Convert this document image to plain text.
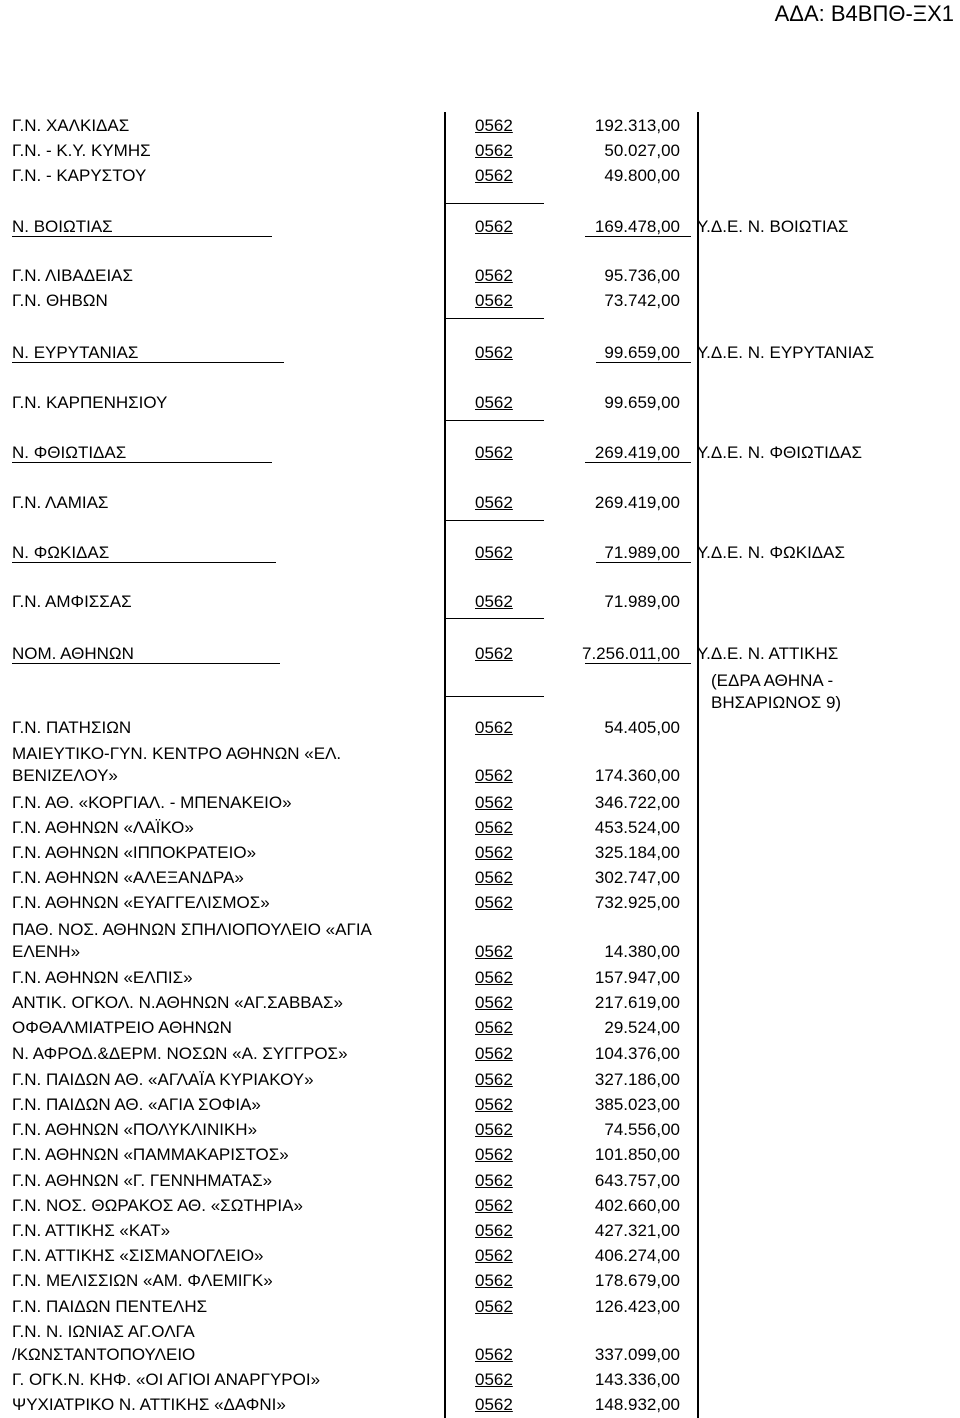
ΑΔΑ: Β4ΒΠΘ-ΞΧ1
Γ.Ν. ΧΑΛΚΙΔΑΣ	0562	192.313,00
Γ.Ν. - Κ.Υ. ΚΥΜΗΣ	0562	50.027,00
Γ.Ν. - ΚΑΡΥΣΤΟΥ	0562	49.800,00
Ν. ΒΟΙΩΤΙΑΣ	0562	169.478,00 Υ.Δ.Ε. Ν. ΒΟΙΩΤΙΑΣ
Γ.Ν. ΛΙΒΑΔΕΙΑΣ	0562	95.736,00
Γ.Ν. ΘΗΒΩΝ	0562	73.742,00
Ν. ΕΥΡΥΤΑΝΙΑΣ	0562	99.659,00 Υ.Δ.Ε. Ν. ΕΥΡΥΤΑΝΙΑΣ
Γ.Ν. ΚΑΡΠΕΝΗΣΙΟΥ	0562	99.659,00
Ν. ΦΘΙΩΤΙΔΑΣ	0562	269.419,00 Υ.Δ.Ε. Ν. ΦΘΙΩΤΙΔΑΣ
Γ.Ν. ΛΑΜΙΑΣ	0562	269.419,00
Ν. ΦΩΚΙΔΑΣ	0562	71.989,00 Υ.Δ.Ε. Ν. ΦΩΚΙΔΑΣ
Γ.Ν. ΑΜΦΙΣΣΑΣ	0562	71.989,00
ΝΟΜ. ΑΘΗΝΩΝ	0562	7.256.011,00 Υ.Δ.Ε. Ν. ΑΤΤΙΚΗΣ
(ΕΔΡΑ ΑΘΗΝΑ -
ΒΗΣΑΡΙΩΝΟΣ 9)
Γ.Ν. ΠΑΤΗΣΙΩΝ	0562	54.405,00
ΜΑΙΕΥΤΙΚΟ-ΓΥΝ. ΚΕΝΤΡΟ ΑΘΗΝΩΝ «ΕΛ.
ΒΕΝΙΖΕΛΟΥ»	0562	174.360,00
Γ.Ν. ΑΘ. «ΚΟΡΓΙΑΛ. - ΜΠΕΝΑΚΕΙΟ»	0562	346.722,00
Γ.Ν. ΑΘΗΝΩΝ «ΛΑΪΚΟ»	0562	453.524,00
Γ.Ν. ΑΘΗΝΩΝ «ΙΠΠΟΚΡΑΤΕΙΟ»	0562	325.184,00
Γ.Ν. ΑΘΗΝΩΝ «ΑΛΕΞΑΝΔΡΑ»	0562	302.747,00
Γ.Ν. ΑΘΗΝΩΝ «ΕΥΑΓΓΕΛΙΣΜΟΣ»	0562	732.925,00
ΠΑΘ. ΝΟΣ. ΑΘΗΝΩΝ ΣΠΗΛΙΟΠΟΥΛΕΙΟ «ΑΓΙΑ
ΕΛΕΝΗ»	0562	14.380,00
Γ.Ν. ΑΘΗΝΩΝ «ΕΛΠΙΣ»	0562	157.947,00
ΑΝΤΙΚ. ΟΓΚΟΛ. Ν.ΑΘΗΝΩΝ «ΑΓ.ΣΑΒΒΑΣ»	0562	217.619,00
ΟΦΘΑΛΜΙΑΤΡΕΙΟ ΑΘΗΝΩΝ	0562	29.524,00
Ν. ΑΦΡΟΔ.&ΔΕΡΜ. ΝΟΣΩΝ «Α. ΣΥΓΓΡΟΣ»	0562	104.376,00
Γ.Ν. ΠΑΙΔΩΝ ΑΘ. «ΑΓΛΑΪΑ ΚΥΡΙΑΚΟΥ»	0562	327.186,00
Γ.Ν. ΠΑΙΔΩΝ ΑΘ. «ΑΓΙΑ ΣΟΦΙΑ»	0562	385.023,00
Γ.Ν. ΑΘΗΝΩΝ «ΠΟΛΥΚΛΙΝΙΚΗ»	0562	74.556,00
Γ.Ν. ΑΘΗΝΩΝ «ΠΑΜΜΑΚΑΡΙΣΤΟΣ»	0562	101.850,00
Γ.Ν. ΑΘΗΝΩΝ «Γ. ΓΕΝΝΗΜΑΤΑΣ»	0562	643.757,00
Γ.Ν. ΝΟΣ. ΘΩΡΑΚΟΣ ΑΘ. «ΣΩΤΗΡΙΑ»	0562	402.660,00
Γ.Ν. ΑΤΤΙΚΗΣ «ΚΑΤ»	0562	427.321,00
Γ.Ν. ΑΤΤΙΚΗΣ «ΣΙΣΜΑΝΟΓΛΕΙΟ»	0562	406.274,00
Γ.Ν. ΜΕΛΙΣΣΙΩΝ «ΑΜ. ΦΛΕΜΙΓΚ»	0562	178.679,00
Γ.Ν. ΠΑΙΔΩΝ ΠΕΝΤΕΛΗΣ	0562	126.423,00
Γ.Ν. Ν. ΙΩΝΙΑΣ ΑΓ.ΟΛΓΑ
/ΚΩΝΣΤΑΝΤΟΠΟΥΛΕΙΟ	0562	337.099,00
Γ. ΟΓΚ.Ν. ΚΗΦ. «ΟΙ ΑΓΙΟΙ ΑΝΑΡΓΥΡΟΙ»	0562	143.336,00
ΨΥΧΙΑΤΡΙΚΟ Ν. ΑΤΤΙΚΗΣ «ΔΑΦΝΙ»	0562	148.932,00
